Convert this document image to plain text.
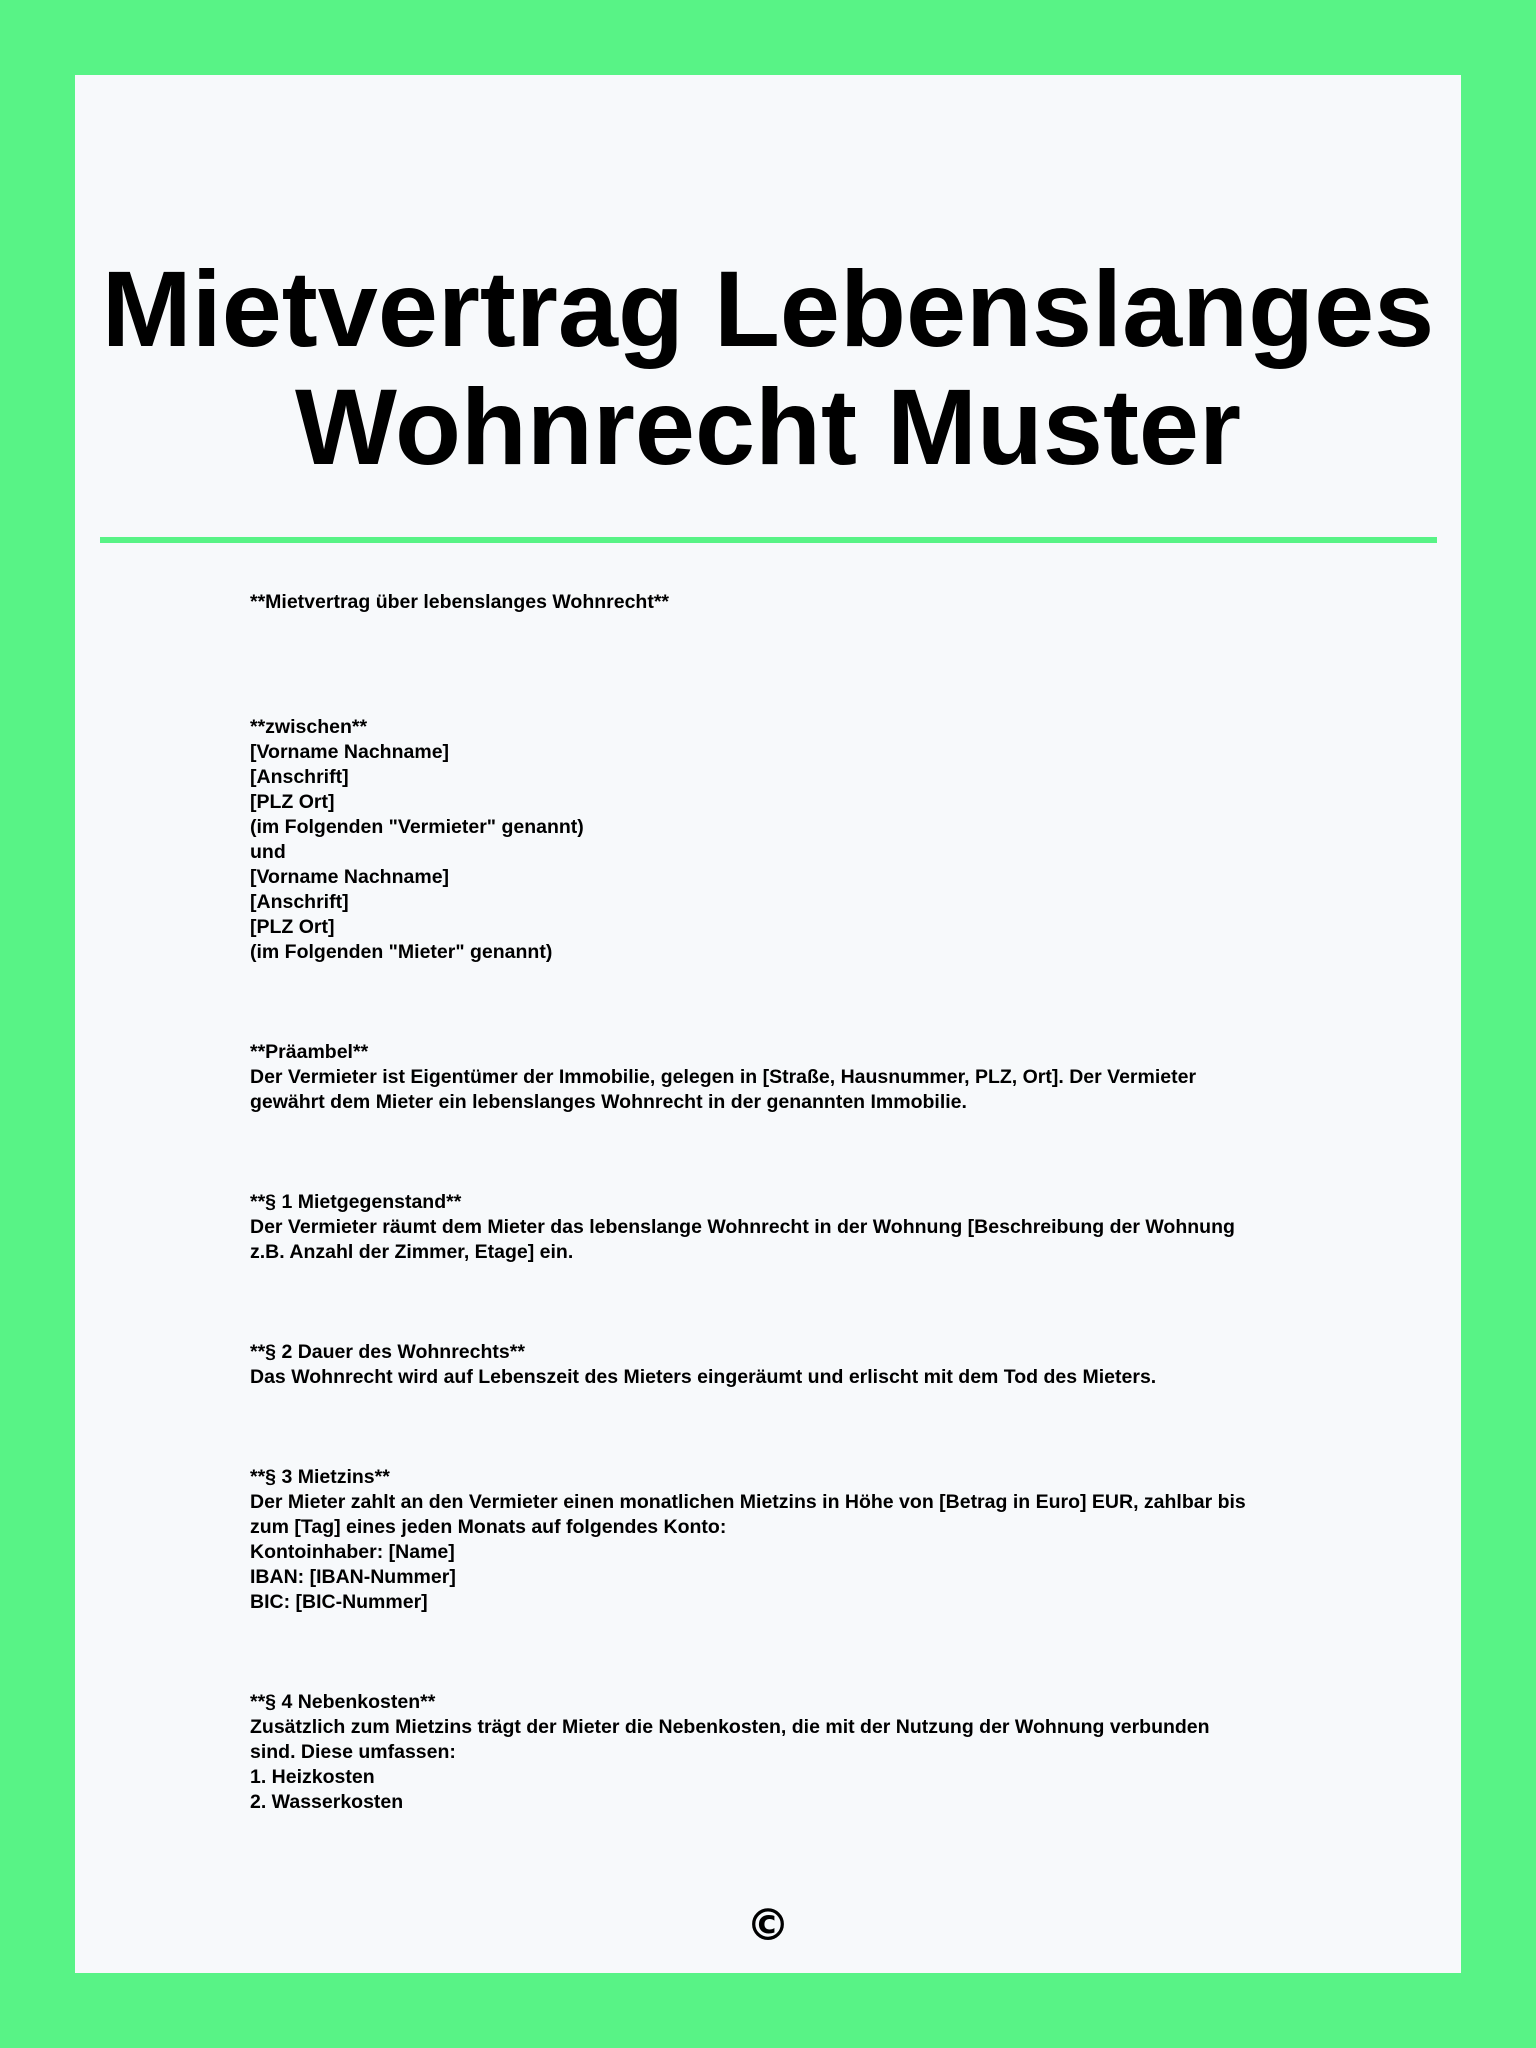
Mietvertrag Lebenslanges
Wohnrecht Muster
**Mietvertrag über lebenslanges Wohnrecht**
**zwischen**
[Vorname Nachname]
[Anschrift]
[PLZ Ort]
(im Folgenden "Vermieter" genannt)
und
[Vorname Nachname]
[Anschrift]
[PLZ Ort]
(im Folgenden "Mieter" genannt)
**Präambel**
Der Vermieter ist Eigentümer der Immobilie, gelegen in [Straße, Hausnummer, PLZ, Ort]. Der Vermieter
gewährt dem Mieter ein lebenslanges Wohnrecht in der genannten Immobilie.
**§ 1 Mietgegenstand**
Der Vermieter räumt dem Mieter das lebenslange Wohnrecht in der Wohnung [Beschreibung der Wohnung
z.B. Anzahl der Zimmer, Etage] ein.
**§ 2 Dauer des Wohnrechts**
Das Wohnrecht wird auf Lebenszeit des Mieters eingeräumt und erlischt mit dem Tod des Mieters.
**§ 3 Mietzins**
Der Mieter zahlt an den Vermieter einen monatlichen Mietzins in Höhe von [Betrag in Euro] EUR, zahlbar bis
zum [Tag] eines jeden Monats auf folgendes Konto:
Kontoinhaber: [Name]
IBAN: [IBAN-Nummer]
BIC: [BIC-Nummer]
**§ 4 Nebenkosten**
Zusätzlich zum Mietzins trägt der Mieter die Nebenkosten, die mit der Nutzung der Wohnung verbunden
sind. Diese umfassen:
1. Heizkosten
2. Wasserkosten
©
